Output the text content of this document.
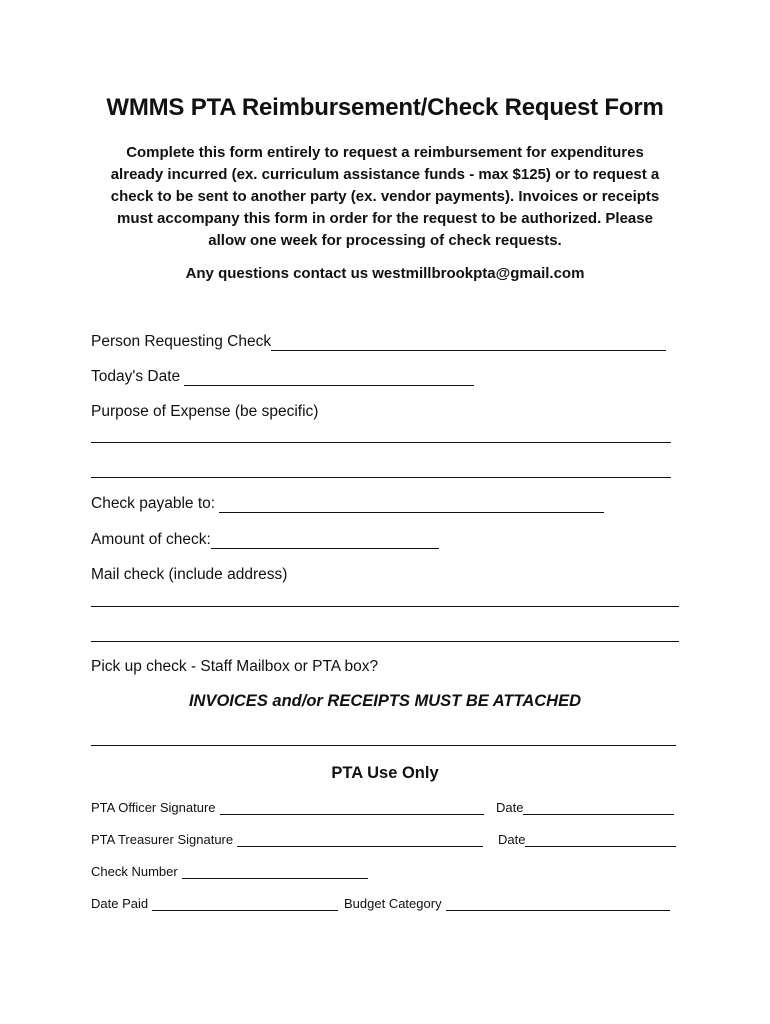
WMMS PTA Reimbursement/Check Request Form
Complete this form entirely to request a reimbursement for expenditures
already incurred (ex. curriculum assistance funds - max $125) or to request a
check to be sent to another party (ex. vendor payments). Invoices or receipts
must accompany this form in order for the request to be authorized. Please
allow one week for processing of check requests.
Any questions contact us westmillbrookpta@gmail.com
Person Requesting Check
Today's Date
Purpose of Expense (be specific)
Check payable to:
Amount of check:
Mail check (include address)
Pick up check - Staff Mailbox or PTA box?
INVOICES and/or RECEIPTS MUST BE ATTACHED
PTA Use Only
PTA Officer Signature	Date
PTA Treasurer Signature	Date
Check Number
Date Paid	Budget Category
